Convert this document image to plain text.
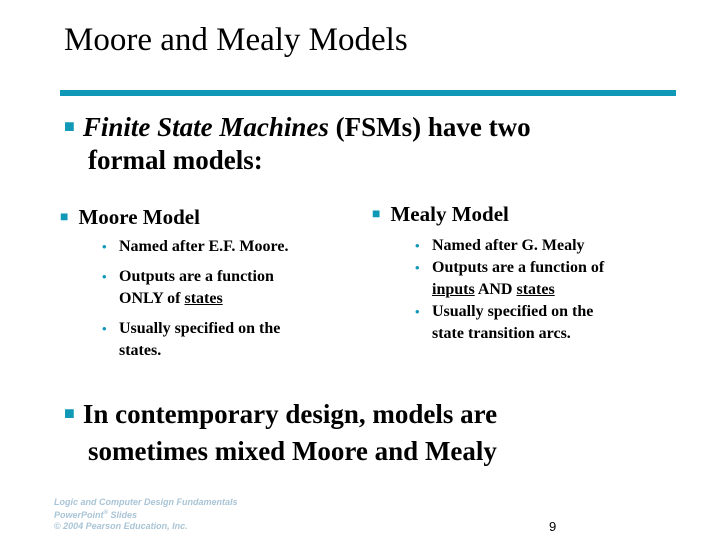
Moore and Mealy Models
■ Finite State Machines (FSMs) have two
formal models:
■ Moore Model
• Named after E.F. Moore.
• Outputs are a function
ONLY of states
• Usually specified on the
states.
■ Mealy Model
• Named after G. Mealy
• Outputs are a function of
inputs AND states
• Usually specified on the
state transition arcs.
■ In contemporary design, models are
sometimes mixed Moore and Mealy
Logic and Computer Design Fundamentals
PowerPoint® Slides
© 2004 Pearson Education, Inc.	9
